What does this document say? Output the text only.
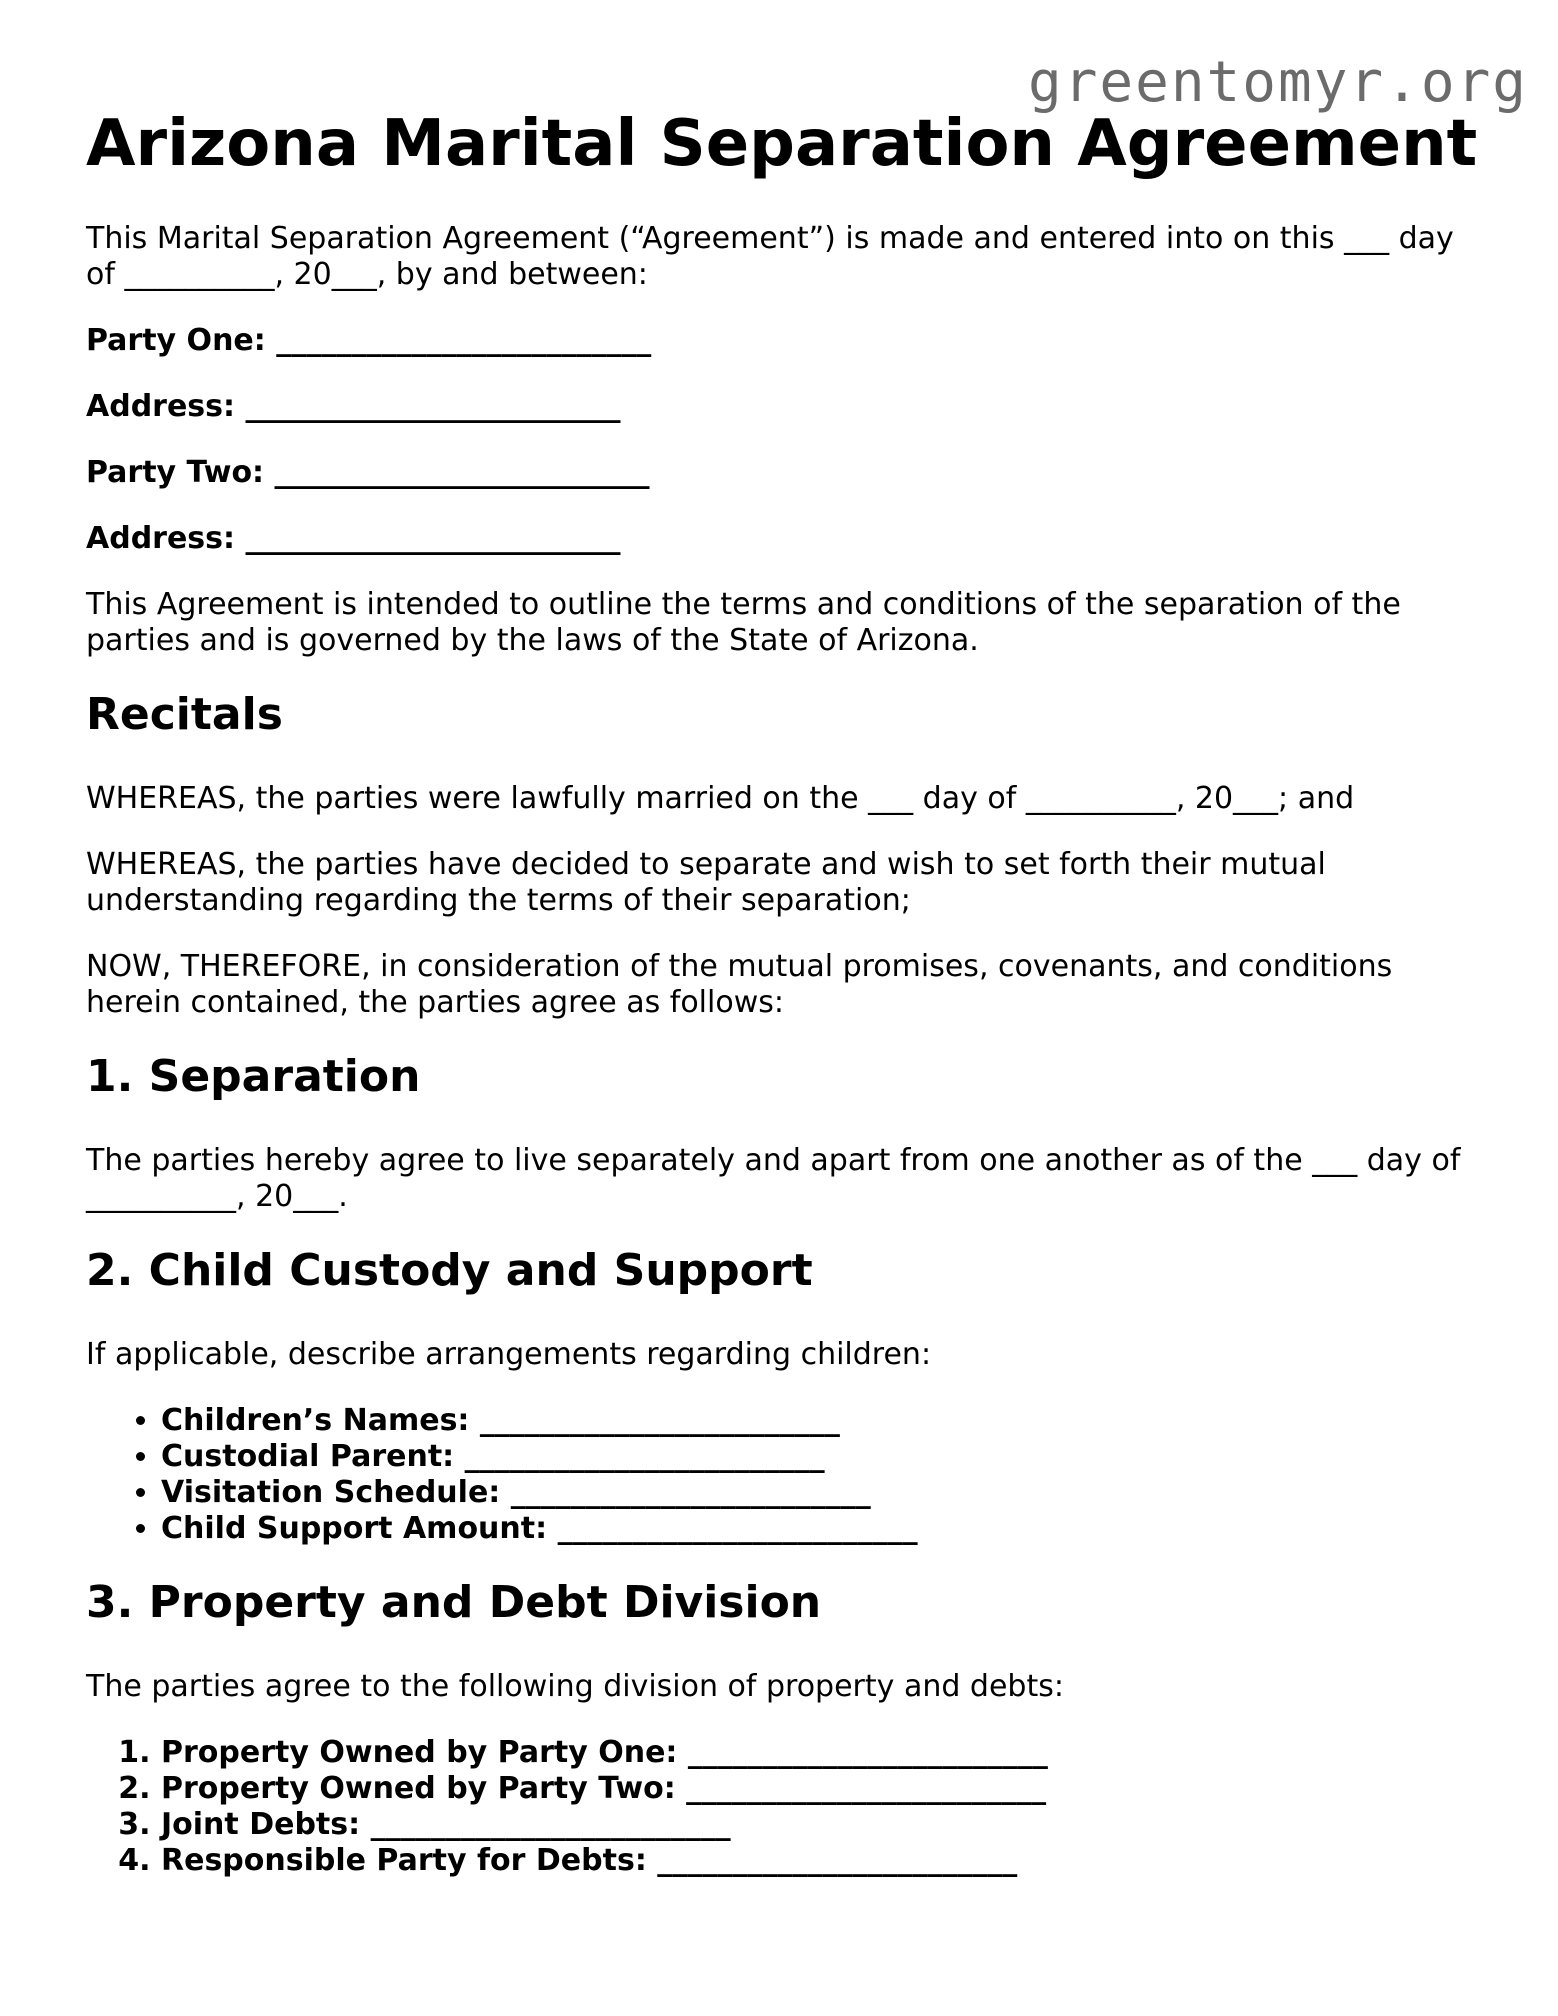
greentomyr.org
Arizona Marital Separation Agreement

This Marital Separation Agreement (“Agreement”) is made and entered into on this ___ day of __________, 20___, by and between:

Party One: _________________________

Address: _________________________

Party Two: _________________________

Address: _________________________

This Agreement is intended to outline the terms and conditions of the separation of the parties and is governed by the laws of the State of Arizona.

Recitals

WHEREAS, the parties were lawfully married on the ___ day of __________, 20___; and

WHEREAS, the parties have decided to separate and wish to set forth their mutual understanding regarding the terms of their separation;

NOW, THEREFORE, in consideration of the mutual promises, covenants, and conditions herein contained, the parties agree as follows:

1. Separation

The parties hereby agree to live separately and apart from one another as of the ___ day of __________, 20___.

2. Child Custody and Support

If applicable, describe arrangements regarding children:

• Children’s Names: ________________________
• Custodial Parent: ________________________
• Visitation Schedule: ________________________
• Child Support Amount: ________________________
3. Property and Debt Division

The parties agree to the following division of property and debts:

1. Property Owned by Party One: ________________________
2. Property Owned by Party Two: ________________________
3. Joint Debts: ________________________
4. Responsible Party for Debts: ________________________
